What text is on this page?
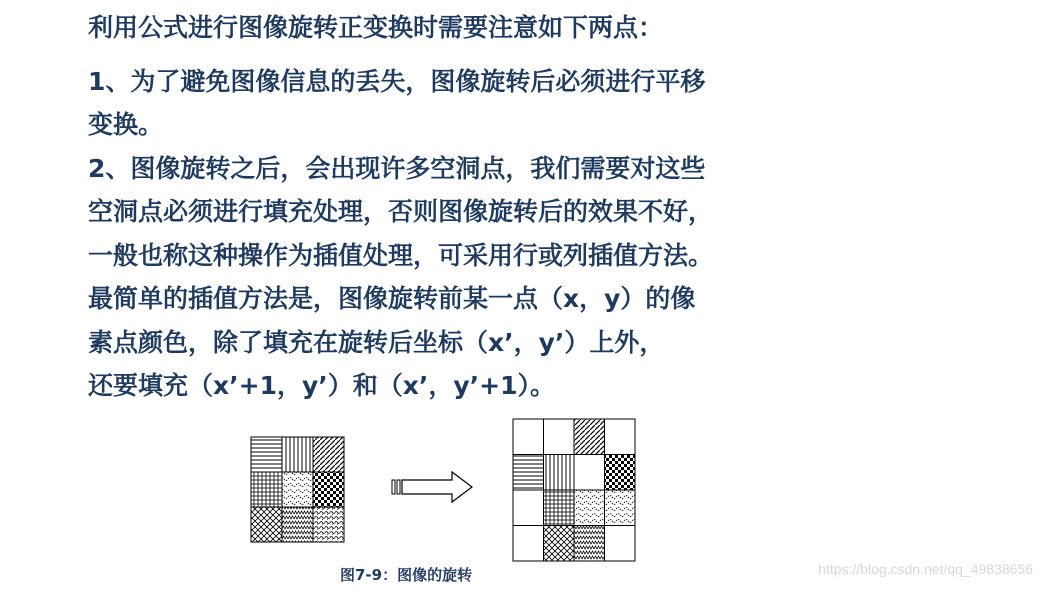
利用公式进行图像旋转正变换时需要注意如下两点：

1、为了避免图像信息的丢失，图像旋转后必须进行平移

变换。

2、图像旋转之后，会出现许多空洞点，我们需要对这些

空洞点必须进行填充处理，否则图像旋转后的效果不好，

一般也称这种操作为插值处理，可采用行或列插值方法。

最简单的插值方法是，图像旋转前某一点（x，y）的像

素点颜色，除了填充在旋转后坐标（x’，y’）上外，

还要填充（x’+1，y’）和（x’，y’+1）。

图7-9：图像的旋转	https://blog.csdn.net/qq_49838656
